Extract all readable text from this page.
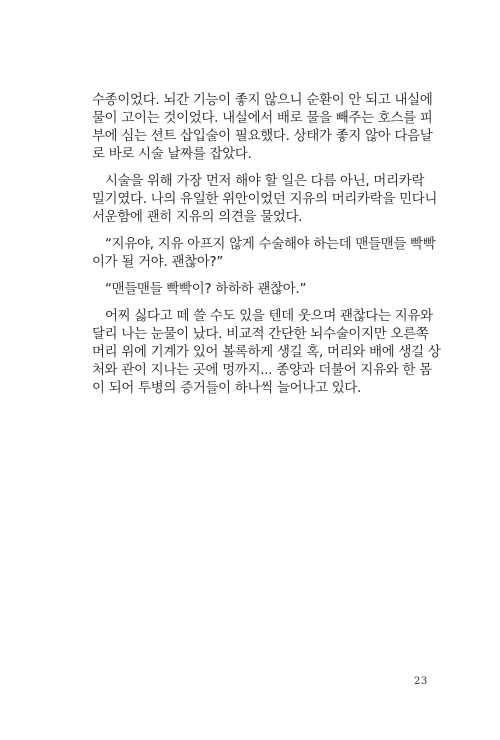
수종이었다. 뇌간 기능이 좋지 않으니 순환이 안 되고 내실에
물이 고이는 것이었다. 내실에서 배로 물을 빼주는 호스를 피
부에 심는 션트 삽입술이 필요했다. 상태가 좋지 않아 다음날
로 바로 시술 날짜를 잡았다.
시술을 위해 가장 먼저 해야 할 일은 다름 아닌, 머리카락
밀기였다. 나의 유일한 위안이었던 지유의 머리카락을 민다니
서운함에 괜히 지유의 의견을 물었다.
“지유야, 지유 아프지 않게 수술해야 하는데 맨들맨들 빡빡
이가 될 거야. 괜찮아?”
“맨들맨들 빡빡이? 하하하 괜찮아.”
어찌 싫다고 떼 쓸 수도 있을 텐데 웃으며 괜찮다는 지유와
달리 나는 눈물이 났다. 비교적 간단한 뇌수술이지만 오른쪽
머리 위에 기계가 있어 볼록하게 생길 혹, 머리와 배에 생길 상
처와 관이 지나는 곳에 멍까지... 종양과 더불어 지유와 한 몸
이 되어 투병의 증거들이 하나씩 늘어나고 있다.
23
